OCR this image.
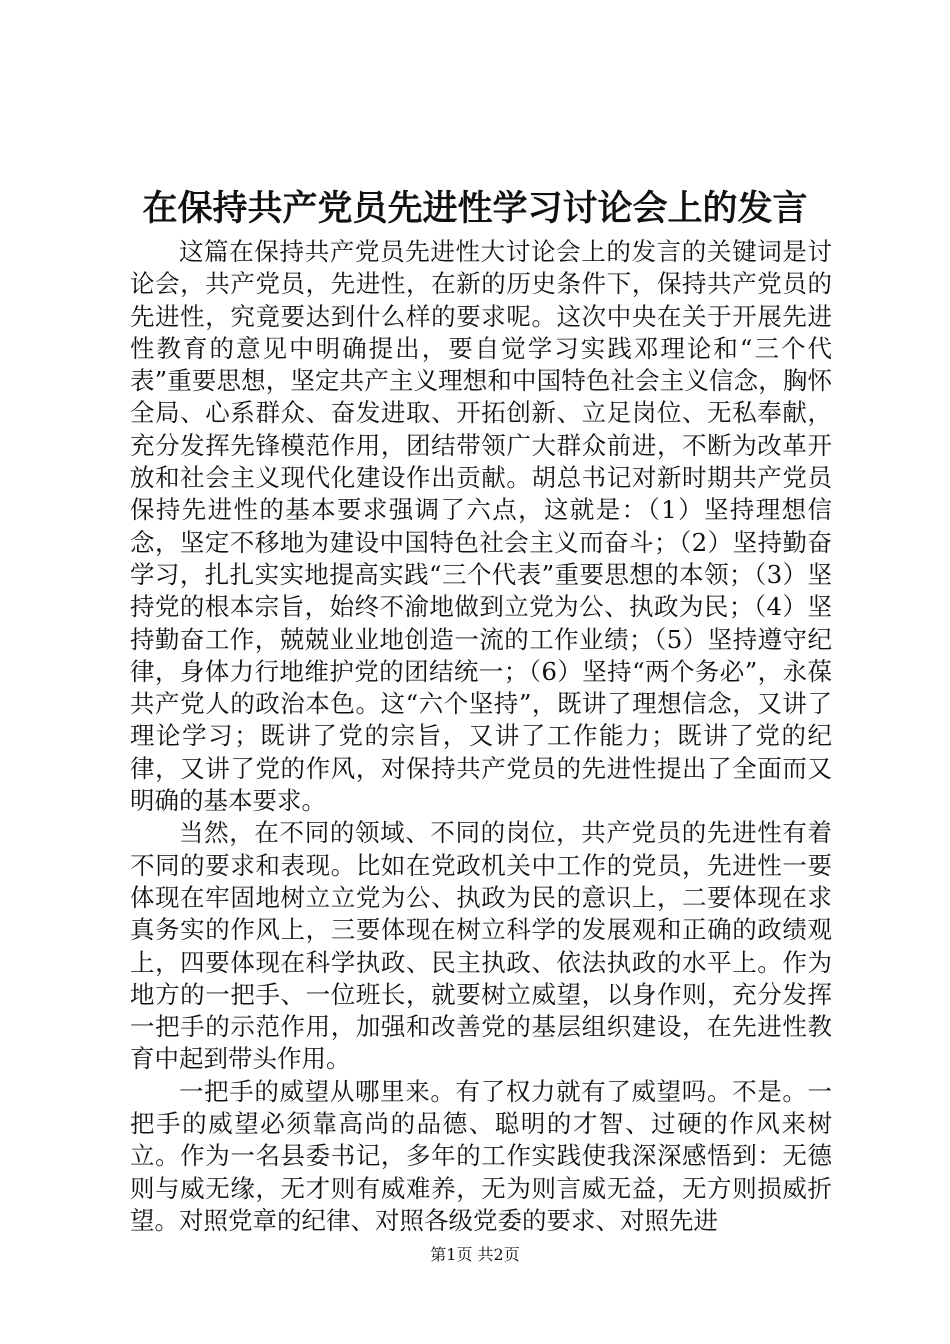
在保持共产党员先进性学习讨论会上的发言

这篇在保持共产党员先进性大讨论会上的发言的关键词是讨论会，共产党员，先进性，在新的历史条件下，保持共产党员的先进性，究竟要达到什么样的要求呢。这次中央在关于开展先进性教育的意见中明确提出，要自觉学习实践邓理论和“三个代表”重要思想，坚定共产主义理想和中国特色社会主义信念，胸怀全局、心系群众、奋发进取、开拓创新、立足岗位、无私奉献，充分发挥先锋模范作用，团结带领广大群众前进，不断为改革开放和社会主义现代化建设作出贡献。胡总书记对新时期共产党员保持先进性的基本要求强调了六点，这就是：（1）坚持理想信念，坚定不移地为建设中国特色社会主义而奋斗；（2）坚持勤奋学习，扎扎实实地提高实践“三个代表”重要思想的本领；（3）坚持党的根本宗旨，始终不渝地做到立党为公、执政为民；（4）坚持勤奋工作，兢兢业业地创造一流的工作业绩；（5）坚持遵守纪律，身体力行地维护党的团结统一；（6）坚持“两个务必”，永葆共产党人的政治本色。这“六个坚持”，既讲了理想信念，又讲了理论学习；既讲了党的宗旨，又讲了工作能力；既讲了党的纪律，又讲了党的作风，对保持共产党员的先进性提出了全面而又明确的基本要求。

当然，在不同的领域、不同的岗位，共产党员的先进性有着不同的要求和表现。比如在党政机关中工作的党员，先进性一要体现在牢固地树立立党为公、执政为民的意识上，二要体现在求真务实的作风上，三要体现在树立科学的发展观和正确的政绩观上，四要体现在科学执政、民主执政、依法执政的水平上。作为地方的一把手、一位班长，就要树立威望，以身作则，充分发挥一把手的示范作用，加强和改善党的基层组织建设，在先进性教育中起到带头作用。

一把手的威望从哪里来。有了权力就有了威望吗。不是。一把手的威望必须靠高尚的品德、聪明的才智、过硬的作风来树立。作为一名县委书记，多年的工作实践使我深深感悟到：无德则与威无缘，无才则有威难养，无为则言威无益，无方则损威折望。对照党章的纪律、对照各级党委的要求、对照先进

第1页 共2页
